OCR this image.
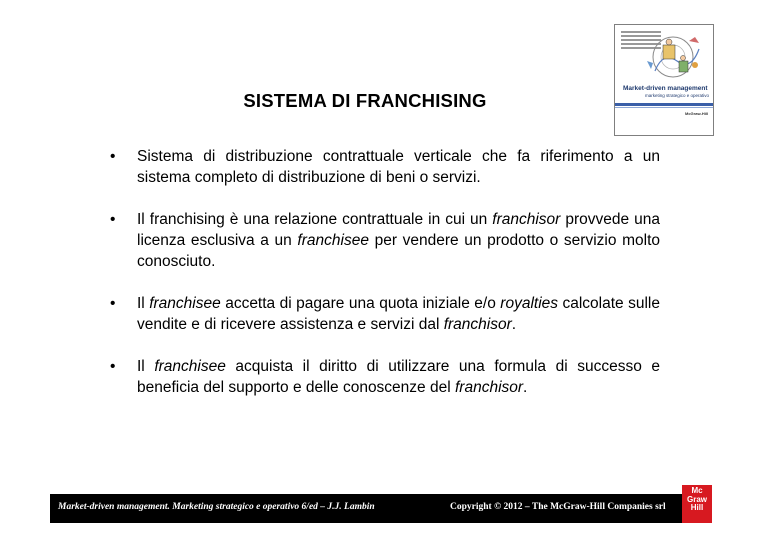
SISTEMA DI FRANCHISING
Market-driven management
marketing strategico e operativo
McGraw-Hill
• Sistema di distribuzione contrattuale verticale che fa riferimento a un sistema completo di distribuzione di beni o servizi.
• Il franchising è una relazione contrattuale in cui un franchisor provvede una licenza esclusiva a un franchisee per vendere un prodotto o servizio molto conosciuto.
• Il franchisee accetta di pagare una quota iniziale e/o royalties calcolate sulle vendite e di ricevere assistenza e servizi dal franchisor.
• Il franchisee acquista il diritto di utilizzare una formula di successo e beneficia del supporto e delle conoscenze del franchisor.
Market-driven management. Marketing strategico e operativo 6/ed – J.J. Lambin	Copyright © 2012 – The McGraw-Hill Companies srl
Mc
Graw
Hill
